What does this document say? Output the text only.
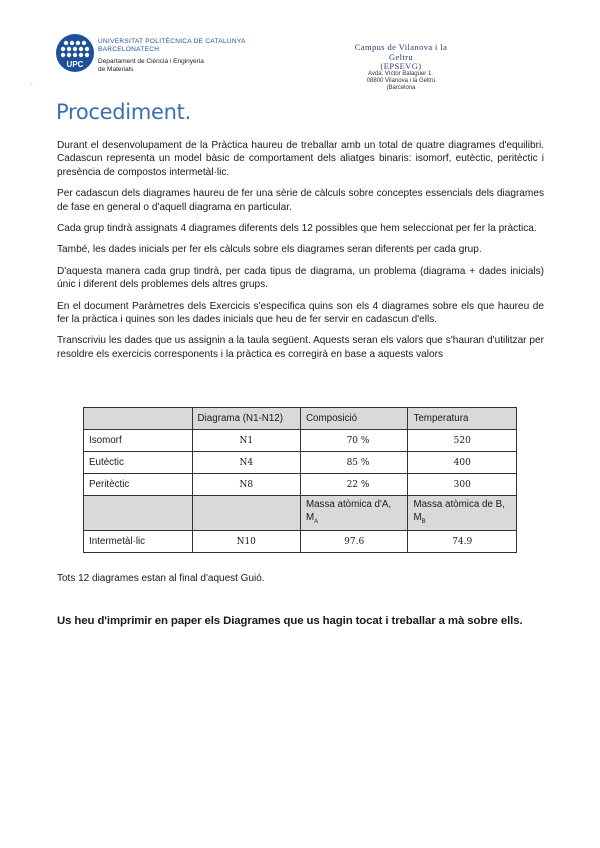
UPC
UNIVERSITAT POLITÈCNICA DE CATALUNYA
BARCELONATECH
Departament de Ciència i Enginyeria
de Materials
Campus de Vilanova i la Geltru
(EPSEVG)
Avda. Víctor Balaguer 1.
08800 Vilanova i la Geltrú (Barcelona
.
Procediment.

Durant el desenvolupament de la Pràctica haureu de treballar amb un total de quatre diagrames d'equilibri. Cadascun representa un model bàsic de comportament dels aliatges binaris: isomorf, eutèctic, peritèctic i presència de compostos intermetàl·lic.

Per cadascun dels diagrames haureu de fer una sèrie de càlculs sobre conceptes essencials dels diagrames de fase en general o d'aquell diagrama en particular.

Cada grup tindrà assignats 4 diagrames diferents dels 12 possibles que hem seleccionat per fer la pràctica.

També, les dades inicials per fer els càlculs sobre els diagrames seran diferents per cada grup.

D'aquesta manera cada grup tindrà, per cada tipus de diagrama, un problema (diagrama + dades inicials) únic i diferent dels problemes dels altres grups.

En el document Paràmetres dels Exercicis s'especifica quins son els 4 diagrames sobre els que haureu de fer la pràctica i quines son les dades inicials que heu de fer servir en cadascun d'ells.

Transcriviu les dades que us assignin a la taula següent. Aquests seran els valors que s'hauran d'utilitzar per resoldre els exercicis corresponents i la pràctica es corregirà en base a aquests valors

	Diagrama (N1-N12)	Composició	Temperatura
Isomorf	N1	70 %	520
Eutèctic	N4	85 %	400
Peritèctic	N8	22 %	300
		Massa atòmica d'A, $M_A$	Massa atòmica de B, $M_B$
Intermetàl·lic	N10	97.6	74.9
Tots 12 diagrames estan al final d'aquest Guió.
Us heu d'imprimir en paper els Diagrames que us hagin tocat i treballar a mà sobre ells.
